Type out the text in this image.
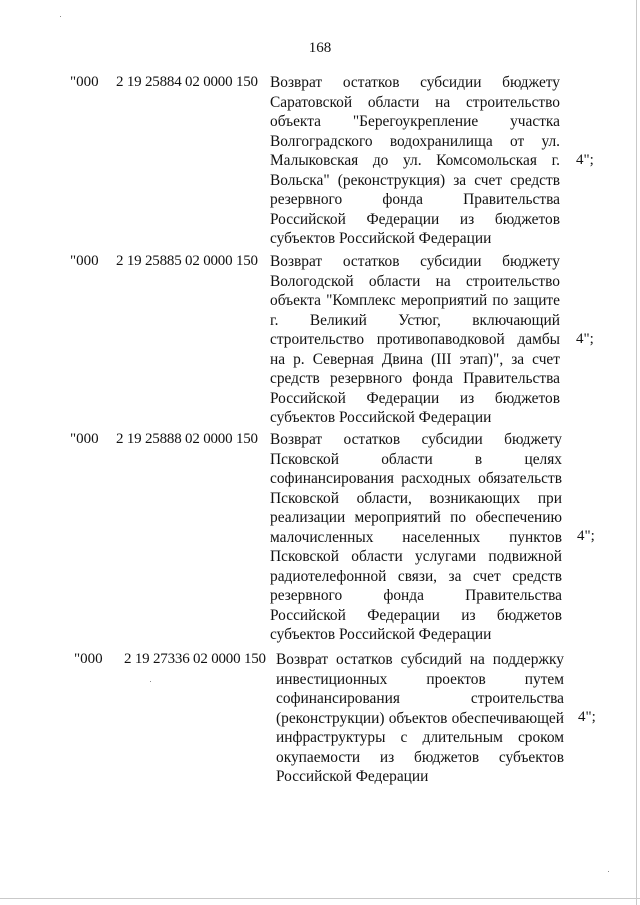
168
"000 2 19 25884 02 0000 150 Возврат остатков субсидии бюджету Саратовской области на строительство объекта "Берегоукрепление участка Волгоградского водохранилища от ул. Малыковская до ул. Комсомольская г. Вольска" (реконструкция) за счет средств резервного фонда Правительства Российской Федерации из бюджетов субъектов Российской Федерации
4";
"000 2 19 25885 02 0000 150 Возврат остатков субсидии бюджету Вологодской области на строительство объекта "Комплекс мероприятий по защите г. Великий Устюг, включающий строительство противопаводковой дамбы на р. Северная Двина (III этап)", за счет средств резервного фонда Правительства Российской Федерации из бюджетов субъектов Российской Федерации
4";
"000 2 19 25888 02 0000 150 Возврат остатков субсидии бюджету Псковской области в целях софинансирования расходных обязательств Псковской области, возникающих при реализации мероприятий по обеспечению малочисленных населенных пунктов Псковской области услугами подвижной радиотелефонной связи, за счет средств резервного фонда Правительства Российской Федерации из бюджетов субъектов Российской Федерации
4";
"000 2 19 27336 02 0000 150 Возврат остатков субсидий на поддержку инвестиционных проектов путем софинансирования строительства (реконструкции) объектов обеспечивающей инфраструктуры с длительным сроком окупаемости из бюджетов субъектов Российской Федерации
4";
